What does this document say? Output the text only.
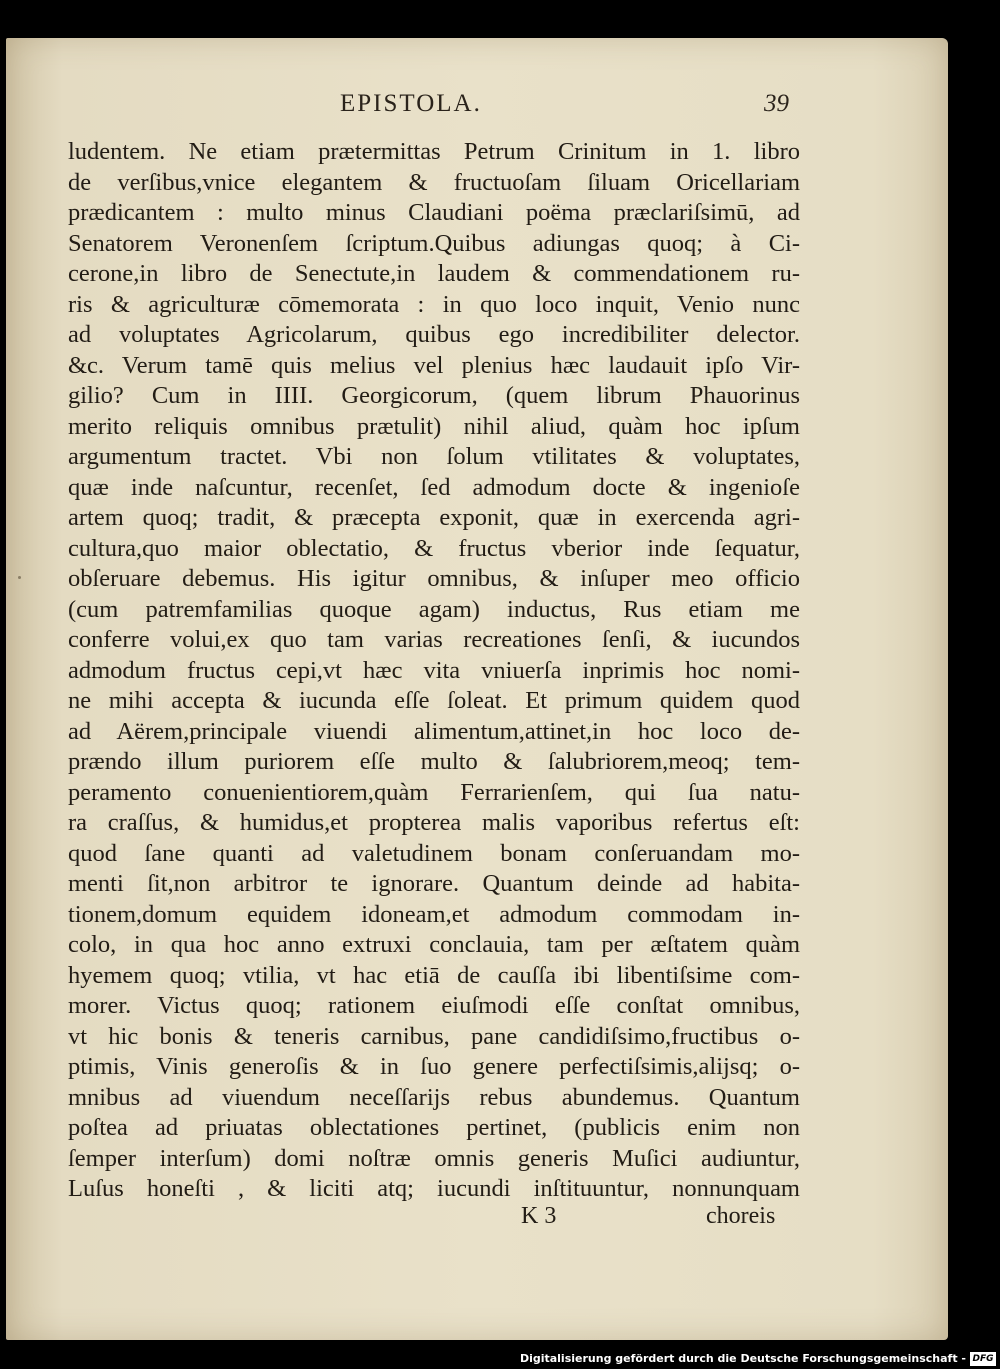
EPISTOLA.	39
ludentem. Ne etiam prætermittas Petrum Crinitum in 1. libro
de verſibus,vnice elegantem & fructuoſam ſiluam Oricellariam
prædicantem : multo minus Claudiani poëma præclariſsimū, ad
Senatorem Veronenſem ſcriptum.Quibus adiungas quoq; à Ci-
cerone,in libro de Senectute,in laudem & commendationem ru-
ris & agriculturæ cōmemorata : in quo loco inquit, Venio nunc
ad voluptates Agricolarum, quibus ego incredibiliter delector.
&c. Verum tamē quis melius vel plenius hæc laudauit ipſo Vir-
gilio? Cum in IIII. Georgicorum, (quem librum Phauorinus
merito reliquis omnibus prætulit) nihil aliud, quàm hoc ipſum
argumentum tractet. Vbi non ſolum vtilitates & voluptates,
quæ inde naſcuntur, recenſet, ſed admodum docte & ingenioſe
artem quoq; tradit, & præcepta exponit, quæ in exercenda agri-
cultura,quo maior oblectatio, & fructus vberior inde ſequatur,
obſeruare debemus. His igitur omnibus, & inſuper meo officio
(cum patremfamilias quoque agam) inductus, Rus etiam me
conferre volui,ex quo tam varias recreationes ſenſi, & iucundos
admodum fructus cepi,vt hæc vita vniuerſa inprimis hoc nomi-
ne mihi accepta & iucunda eſſe ſoleat. Et primum quidem quod
ad Aërem,principale viuendi alimentum,attinet,in hoc loco de-
prændo illum puriorem eſſe multo & ſalubriorem,meoq; tem-
peramento conuenientiorem,quàm Ferrarienſem, qui ſua natu-
ra craſſus, & humidus,et propterea malis vaporibus refertus eſt:
quod ſane quanti ad valetudinem bonam conſeruandam mo-
menti ſit,non arbitror te ignorare. Quantum deinde ad habita-
tionem,domum equidem idoneam,et admodum commodam in-
colo, in qua hoc anno extruxi conclauia, tam per æſtatem quàm
hyemem quoq; vtilia, vt hac etiā de cauſſa ibi libentiſsime com-
morer. Victus quoq; rationem eiuſmodi eſſe conſtat omnibus,
vt hic bonis & teneris carnibus, pane candidiſsimo,fructibus o-
ptimis, Vinis generoſis & in ſuo genere perfectiſsimis,alijsq; o-
mnibus ad viuendum neceſſarijs rebus abundemus. Quantum
poſtea ad priuatas oblectationes pertinet, (publicis enim non
ſemper interſum) domi noſtræ omnis generis Muſici audiuntur,
Luſus honeſti , & liciti atq; iucundi inſtituuntur, nonnunquam
K 3	choreis
Digitalisierung gefördert durch die Deutsche Forschungsgemeinschaft - DFG
